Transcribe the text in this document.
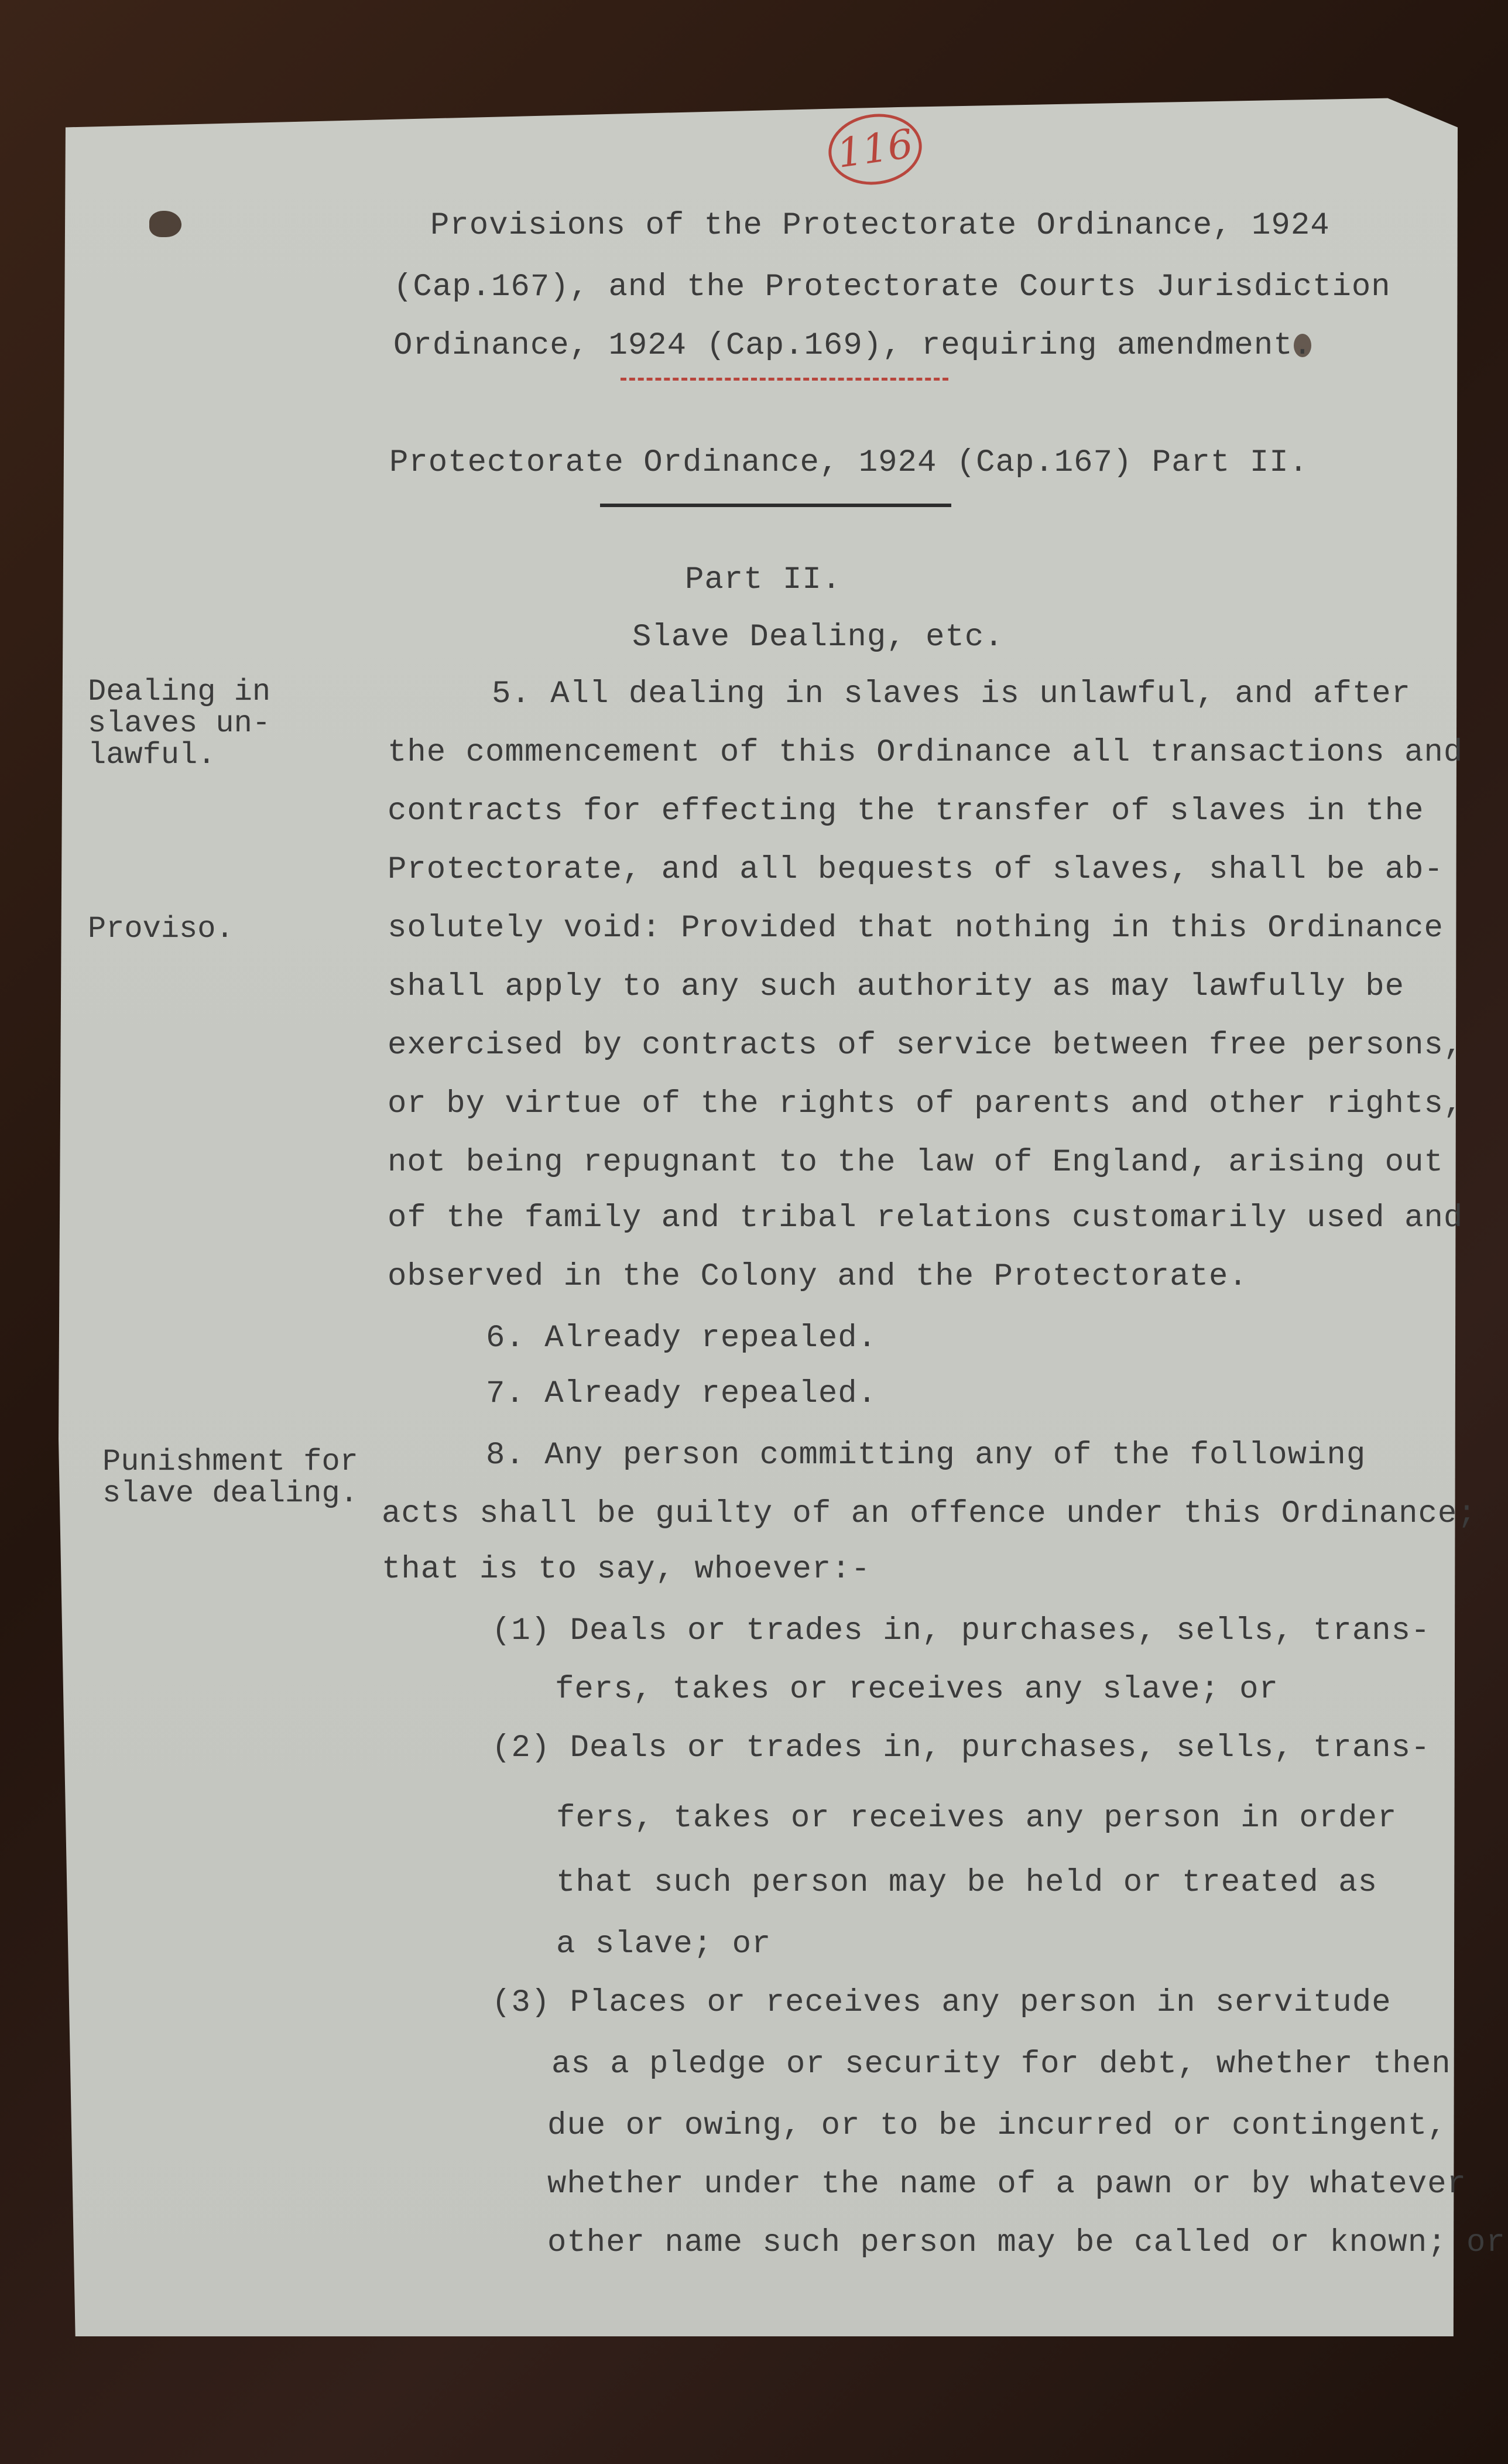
116
Provisions of the Protectorate Ordinance, 1924
(Cap.167), and the Protectorate Courts Jurisdiction
Ordinance, 1924 (Cap.169), requiring amendment.
Protectorate Ordinance, 1924 (Cap.167) Part II.
Part II.
Slave Dealing, etc.
Dealing in
slaves un-
lawful.
Proviso.
Punishment for
slave dealing.
5. All dealing in slaves is unlawful, and after
the commencement of this Ordinance all transactions and
contracts for effecting the transfer of slaves in the
Protectorate, and all bequests of slaves, shall be ab-
solutely void: Provided that nothing in this Ordinance
shall apply to any such authority as may lawfully be
exercised by contracts of service between free persons,
or by virtue of the rights of parents and other rights,
not being repugnant to the law of England, arising out
of the family and tribal relations customarily used and
observed in the Colony and the Protectorate.
6. Already repealed.
7. Already repealed.
8. Any person committing any of the following
acts shall be guilty of an offence under this Ordinance;
that is to say, whoever:-
(1) Deals or trades in, purchases, sells, trans-
fers, takes or receives any slave; or
(2) Deals or trades in, purchases, sells, trans-
fers, takes or receives any person in order
that such person may be held or treated as
a slave; or
(3) Places or receives any person in servitude
as a pledge or security for debt, whether then
due or owing, or to be incurred or contingent,
whether under the name of a pawn or by whatever
other name such person may be called or known; or
